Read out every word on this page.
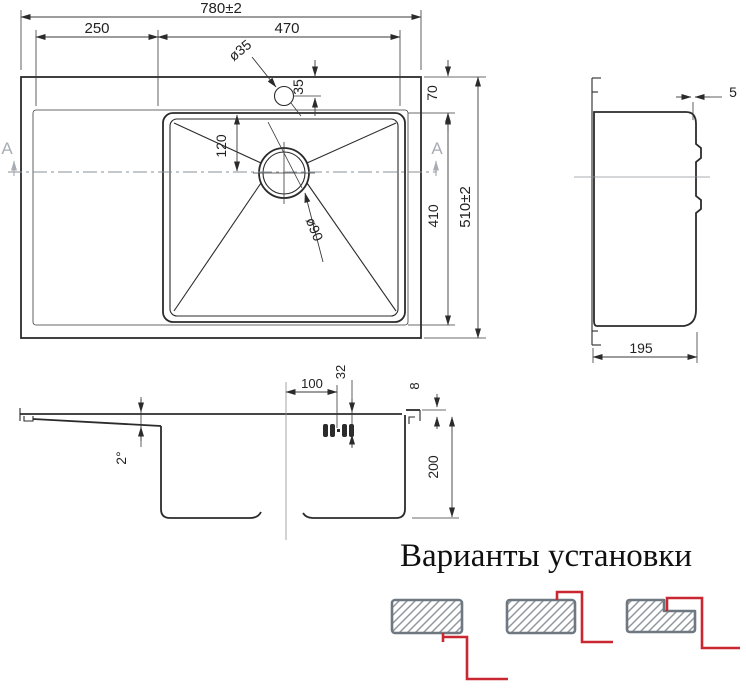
A	A
780±2
250	470
ø35
35	70
410 510±2
120
ø90
5
195
2°
100
32
8
200
Варианты установки
